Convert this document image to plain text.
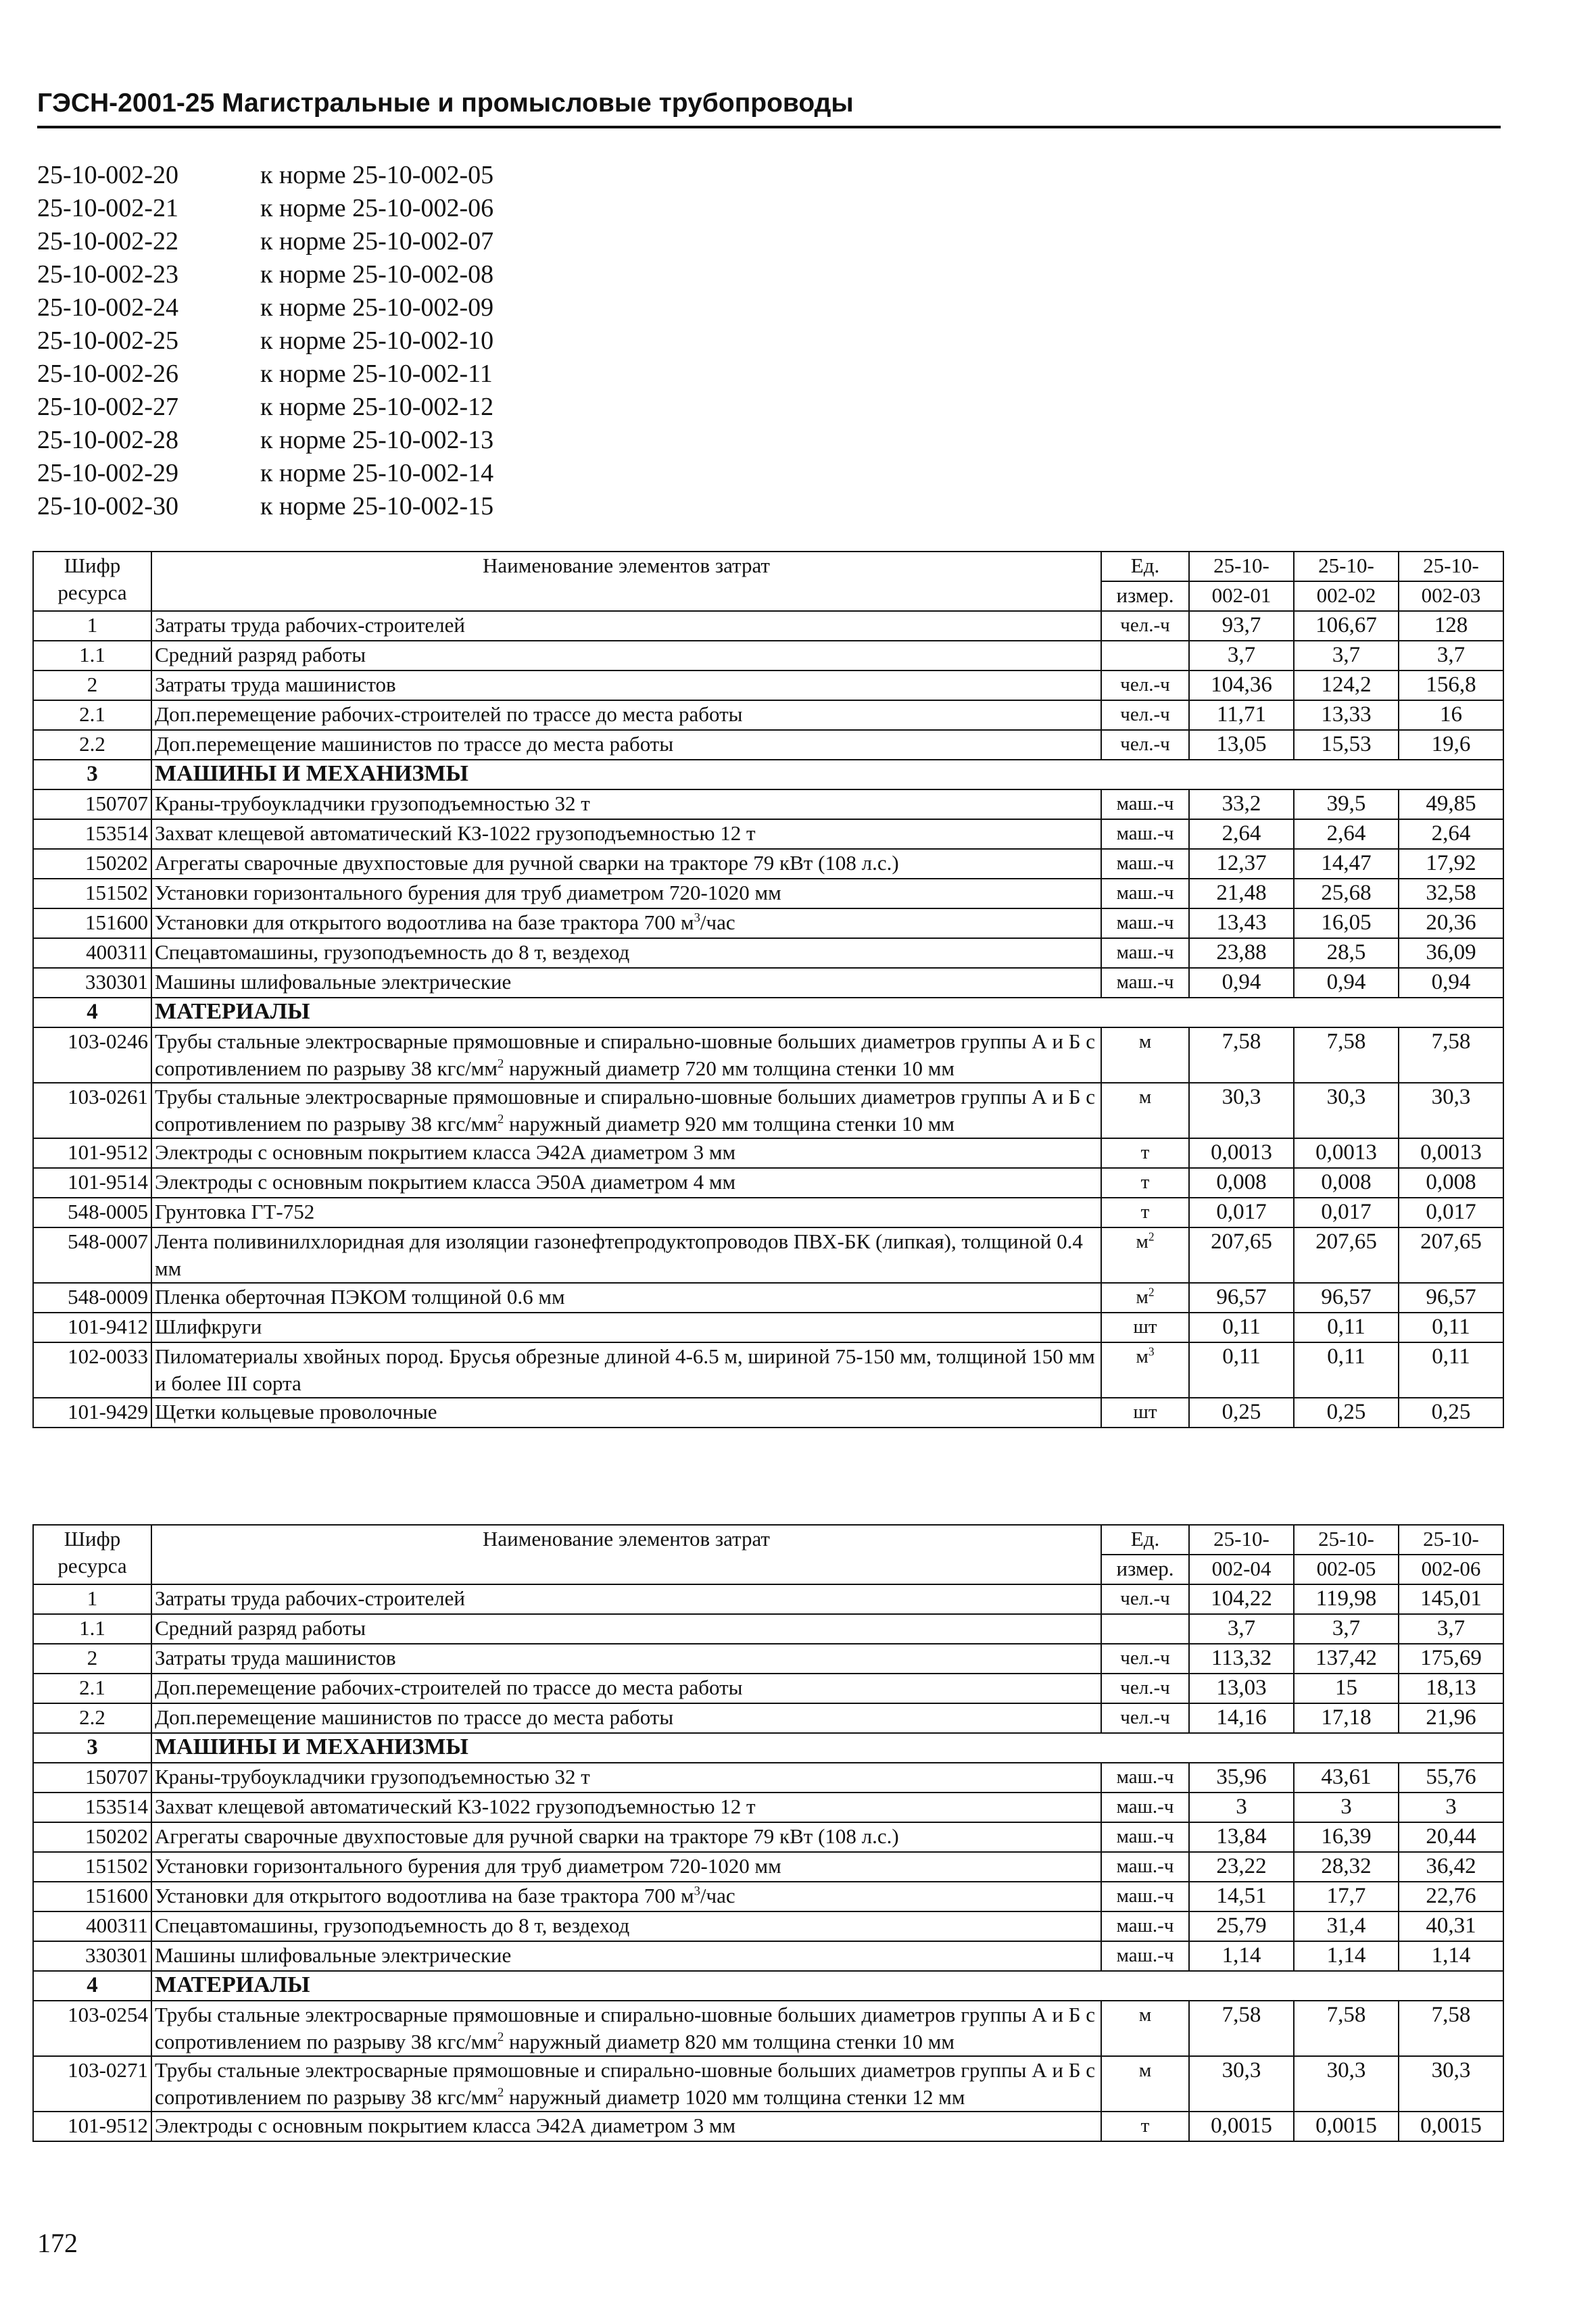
ГЭСН-2001-25 Магистральные и промысловые трубопроводы
25-10-002-20	к норме 25-10-002-05
25-10-002-21	к норме 25-10-002-06
25-10-002-22	к норме 25-10-002-07
25-10-002-23	к норме 25-10-002-08
25-10-002-24	к норме 25-10-002-09
25-10-002-25	к норме 25-10-002-10
25-10-002-26	к норме 25-10-002-11
25-10-002-27	к норме 25-10-002-12
25-10-002-28	к норме 25-10-002-13
25-10-002-29	к норме 25-10-002-14
25-10-002-30	к норме 25-10-002-15
Шифр
ресурса	Наименование элементов затрат	Ед.	25-10-	25-10-	25-10-
		измер.	002-01	002-02	002-03
1	Затраты труда рабочих-строителей	чел.-ч	93,7	106,67	128
1.1	Средний разряд работы		3,7	3,7	3,7
2	Затраты труда машинистов	чел.-ч	104,36	124,2	156,8
2.1	Доп.перемещение рабочих-строителей по трассе до места работы	чел.-ч	11,71	13,33	16
2.2	Доп.перемещение машинистов по трассе до места работы	чел.-ч	13,05	15,53	19,6
3	МАШИНЫ И МЕХАНИЗМЫ				
150707	Краны-трубоукладчики грузоподъемностью 32 т	маш.-ч	33,2	39,5	49,85
153514	Захват клещевой автоматический КЗ-1022 грузоподъемностью 12 т	маш.-ч	2,64	2,64	2,64
150202	Агрегаты сварочные двухпостовые для ручной сварки на тракторе 79 кВт (108 л.с.)	маш.-ч	12,37	14,47	17,92
151502	Установки горизонтального бурения для труб диаметром 720-1020 мм	маш.-ч	21,48	25,68	32,58
151600	Установки для открытого водоотлива на базе трактора 700 $м^3$/час	маш.-ч	13,43	16,05	20,36
400311	Спецавтомашины, грузоподъемность до 8 т, вездеход	маш.-ч	23,88	28,5	36,09
330301	Машины шлифовальные электрические	маш.-ч	0,94	0,94	0,94
4	МАТЕРИАЛЫ				
103-0246	Трубы стальные электросварные прямошовные и спирально-шовные больших диаметров группы А и Б с сопротивлением по разрыву 38 кгс/$мм^2$ наружный диаметр 720 мм толщина стенки 10 мм	м	7,58	7,58	7,58
103-0261	Трубы стальные электросварные прямошовные и спирально-шовные больших диаметров группы А и Б с сопротивлением по разрыву 38 кгс/$мм^2$ наружный диаметр 920 мм толщина стенки 10 мм	м	30,3	30,3	30,3
101-9512	Электроды с основным покрытием класса Э42А диаметром 3 мм	т	0,0013	0,0013	0,0013
101-9514	Электроды с основным покрытием класса Э50А диаметром 4 мм	т	0,008	0,008	0,008
548-0005	Грунтовка ГТ-752	т	0,017	0,017	0,017
548-0007	Лента поливинилхлоридная для изоляции газонефтепродуктопроводов ПВХ-БК (липкая), толщиной 0.4 мм	$м^2$	207,65	207,65	207,65
548-0009	Пленка оберточная ПЭКОМ толщиной 0.6 мм	$м^2$	96,57	96,57	96,57
101-9412	Шлифкруги	шт	0,11	0,11	0,11
102-0033	Пиломатериалы хвойных пород. Брусья обрезные длиной 4-6.5 м, шириной 75-150 мм, толщиной 150 мм и более III сорта	$м^3$	0,11	0,11	0,11
101-9429	Щетки кольцевые проволочные	шт	0,25	0,25	0,25
Шифр
ресурса	Наименование элементов затрат	Ед.	25-10-	25-10-	25-10-
		измер.	002-04	002-05	002-06
1	Затраты труда рабочих-строителей	чел.-ч	104,22	119,98	145,01
1.1	Средний разряд работы		3,7	3,7	3,7
2	Затраты труда машинистов	чел.-ч	113,32	137,42	175,69
2.1	Доп.перемещение рабочих-строителей по трассе до места работы	чел.-ч	13,03	15	18,13
2.2	Доп.перемещение машинистов по трассе до места работы	чел.-ч	14,16	17,18	21,96
3	МАШИНЫ И МЕХАНИЗМЫ				
150707	Краны-трубоукладчики грузоподъемностью 32 т	маш.-ч	35,96	43,61	55,76
153514	Захват клещевой автоматический КЗ-1022 грузоподъемностью 12 т	маш.-ч	3	3	3
150202	Агрегаты сварочные двухпостовые для ручной сварки на тракторе 79 кВт (108 л.с.)	маш.-ч	13,84	16,39	20,44
151502	Установки горизонтального бурения для труб диаметром 720-1020 мм	маш.-ч	23,22	28,32	36,42
151600	Установки для открытого водоотлива на базе трактора 700 $м^3$/час	маш.-ч	14,51	17,7	22,76
400311	Спецавтомашины, грузоподъемность до 8 т, вездеход	маш.-ч	25,79	31,4	40,31
330301	Машины шлифовальные электрические	маш.-ч	1,14	1,14	1,14
4	МАТЕРИАЛЫ				
103-0254	Трубы стальные электросварные прямошовные и спирально-шовные больших диаметров группы А и Б с сопротивлением по разрыву 38 кгс/$мм^2$ наружный диаметр 820 мм толщина стенки 10 мм	м	7,58	7,58	7,58
103-0271	Трубы стальные электросварные прямошовные и спирально-шовные больших диаметров группы А и Б с сопротивлением по разрыву 38 кгс/$мм^2$ наружный диаметр 1020 мм толщина стенки 12 мм	м	30,3	30,3	30,3
101-9512	Электроды с основным покрытием класса Э42А диаметром 3 мм	т	0,0015	0,0015	0,0015
172
